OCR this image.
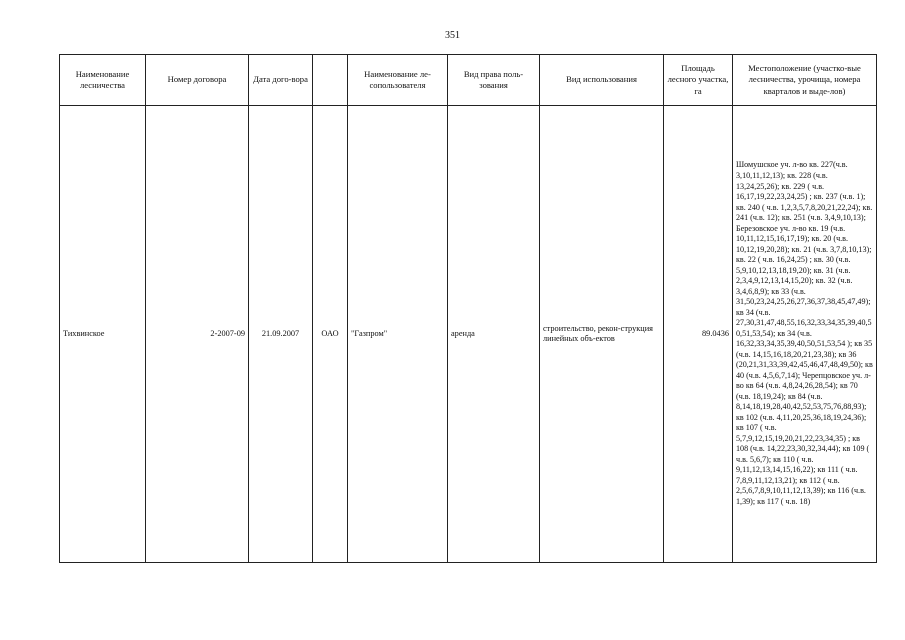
351
Наименование лесничества	Номер договора	Дата дого-вора		Наименование ле-сопользователя	Вид права поль-зования	Вид использования	Площадь лесного участка, га	Местоположение (участко-вые лесничества, урочища, номера кварталов и выде-лов)
Тихвинское	2-2007-09	21.09.2007	ОАО	"Газпром"	аренда	строительство, рекон-струкция линейных объ-ектов	89.0436	Шомушское уч. л-во кв. 227(ч.в. 3,10,11,12,13); кв. 228 (ч.в. 13,24,25,26); кв. 229 ( ч.в. 16,17,19,22,23,24,25) ; кв. 237 (ч.в. 1); кв. 240 ( ч.в. 1,2,3,5,7,8,20,21,22,24); кв. 241 (ч.в. 12); кв. 251 (ч.в. 3,4,9,10,13); Березовское уч. л-во кв. 19 (ч.в. 10,11,12,15,16,17,19); кв. 20 (ч.в. 10,12,19,20,28); кв. 21 (ч.в. 3,7,8,10,13); кв. 22 ( ч.в. 16,24,25) ; кв. 30 (ч.в. 5,9,10,12,13,18,19,20); кв. 31 (ч.в. 2,3,4,9,12,13,14,15,20); кв. 32 (ч.в. 3,4,6,8,9); кв 33 (ч.в. 31,50,23,24,25,26,27,36,37,38,45,47,49); кв 34 (ч.в. 27,30,31,47,48,55,16,32,33,34,35,39,40,50,51,53,54); кв 34 (ч.в. 16,32,33,34,35,39,40,50,51,53,54 ); кв 35 (ч.в. 14,15,16,18,20,21,23,38); кв 36 (20,21,31,33,39,42,45,46,47,48,49,50); кв 40 (ч.в. 4,5,6,7,14); Черепцовское уч. л-во кв 64 (ч.в. 4,8,24,26,28,54); кв 70 (ч.в. 18,19,24); кв 84 (ч.в. 8,14,18,19,28,40,42,52,53,75,76,88,93); кв 102 (ч.в. 4,11,20,25,36,18,19,24,36); кв 107 ( ч.в. 5,7,9,12,15,19,20,21,22,23,34,35) ; кв 108 (ч.в. 14,22,23,30,32,34,44); кв 109 ( ч.в. 5,6,7); кв 110 ( ч.в. 9,11,12,13,14,15,16,22); кв 111 ( ч.в. 7,8,9,11,12,13,21); кв 112 ( ч.в. 2,5,6,7,8,9,10,11,12,13,39); кв 116 (ч.в. 1,39); кв 117 ( ч.в. 18)
